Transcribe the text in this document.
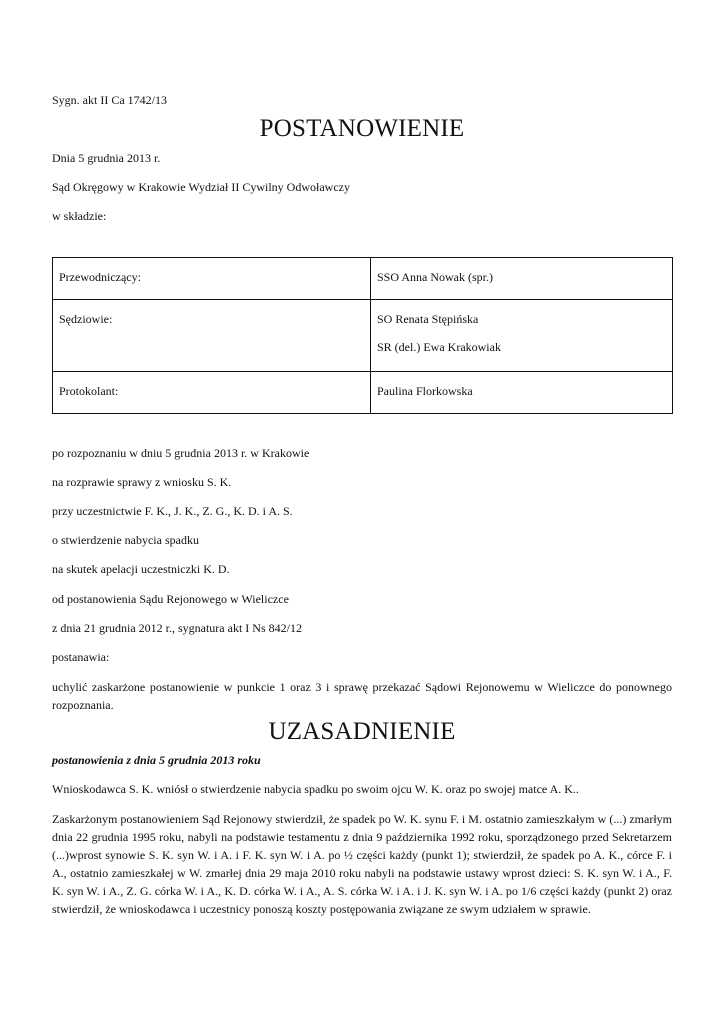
Sygn. akt II Ca 1742/13
POSTANOWIENIE
Dnia 5 grudnia 2013 r.
Sąd Okręgowy w Krakowie Wydział II Cywilny Odwoławczy
w składzie:
Przewodniczący:	SSO Anna Nowak (spr.)
Sędziowie:	SO Renata Stępińska
SR (del.) Ewa Krakowiak

Protokolant:	Paulina Florkowska
po rozpoznaniu w dniu 5 grudnia 2013 r. w Krakowie
na rozprawie sprawy z wniosku S. K.
przy uczestnictwie F. K., J. K., Z. G., K. D. i A. S.
o stwierdzenie nabycia spadku
na skutek apelacji uczestniczki K. D.
od postanowienia Sądu Rejonowego w Wieliczce
z dnia 21 grudnia 2012 r., sygnatura akt I Ns 842/12
postanawia:
uchylić zaskarżone postanowienie w punkcie 1 oraz 3 i sprawę przekazać Sądowi Rejonowemu w Wieliczce do ponownego rozpoznania.
UZASADNIENIE
postanowienia z dnia 5 grudnia 2013 roku
Wnioskodawca S. K. wniósł o stwierdzenie nabycia spadku po swoim ojcu W. K. oraz po swojej matce A. K..
Zaskarżonym postanowieniem Sąd Rejonowy stwierdził, że spadek po W. K. synu F. i M. ostatnio zamieszkałym w (...) zmarłym dnia 22 grudnia 1995 roku, nabyli na podstawie testamentu z dnia 9 października 1992 roku, sporządzonego przed Sekretarzem (...)wprost synowie S. K. syn W. i A. i F. K. syn W. i A. po ½ części każdy (punkt 1); stwierdził, że spadek po A. K., córce F. i A., ostatnio zamieszkałej w W. zmarłej dnia 29 maja 2010 roku nabyli na podstawie ustawy wprost dzieci: S. K. syn W. i A., F. K. syn W. i A., Z. G. córka W. i A., K. D. córka W. i A., A. S. córka W. i A. i J. K. syn W. i A. po 1/6 części każdy (punkt 2) oraz stwierdził, że wnioskodawca i uczestnicy ponoszą koszty postępowania związane ze swym udziałem w sprawie.
